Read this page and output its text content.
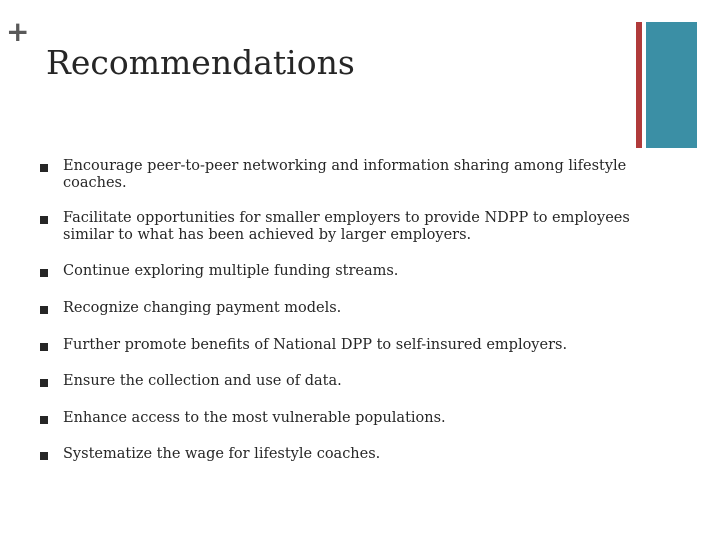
+
Recommendations
Encourage peer-to-peer networking and information sharing among lifestyle coaches.
Facilitate opportunities for smaller employers to provide NDPP to employees similar to what has been achieved by larger employers.
Continue exploring multiple funding streams.
Recognize changing payment models.
Further promote benefits of National DPP to self-insured employers.
Ensure the collection and use of data.
Enhance access to the most vulnerable populations.
Systematize the wage for lifestyle coaches.
